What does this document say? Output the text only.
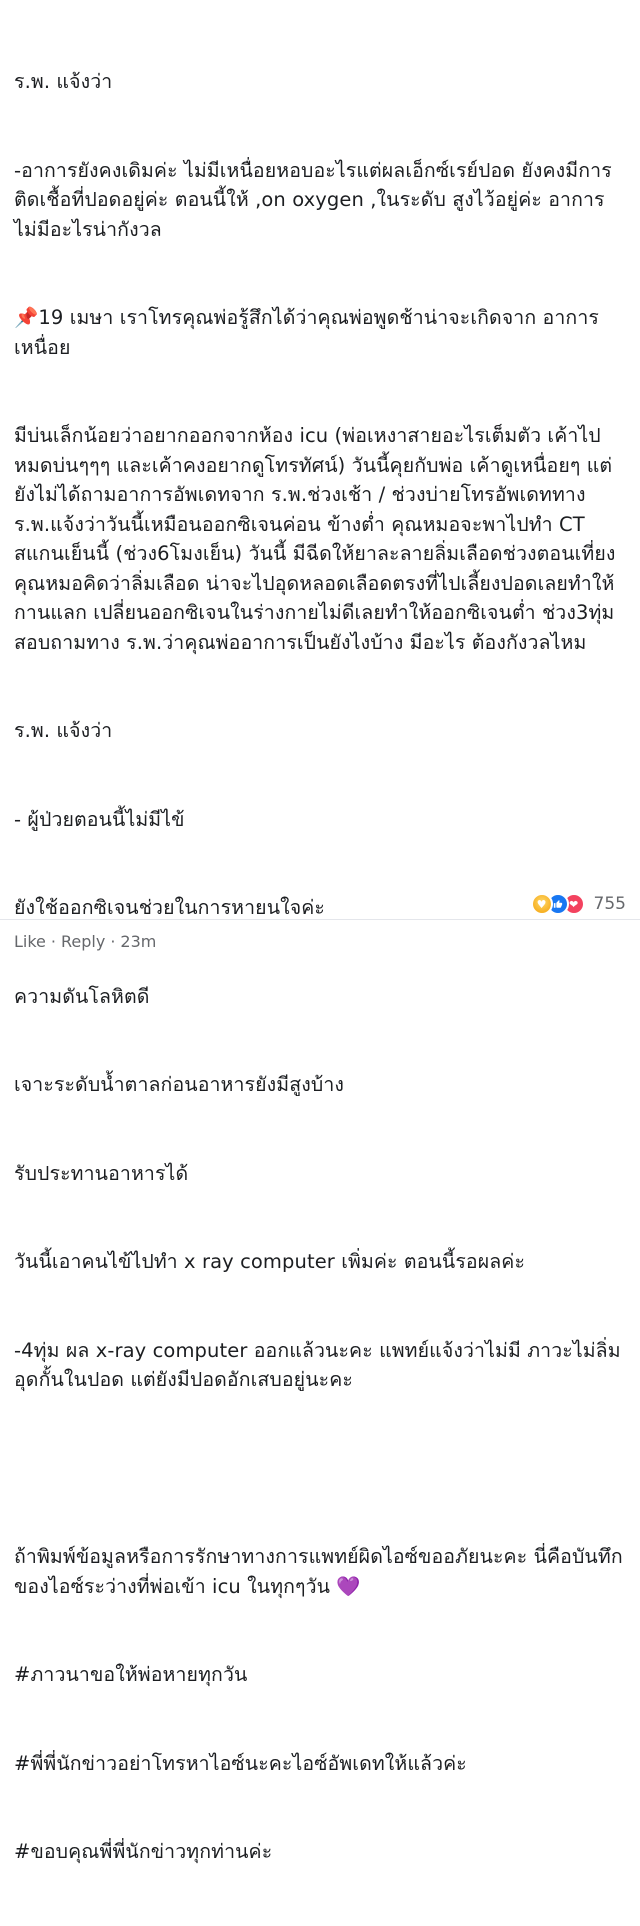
ร.พ. แจ้งว่า

-อาการยังคงเดิมค่ะ ไม่มีเหนื่อยหอบอะไรแต่ผลเอ็กซ์เรย์ปอด ยังคงมีการติดเชื้อที่ปอดอยู่ค่ะ ตอนนี้ให้ ,on oxygen ,ในระดับ สูงไว้อยู่ค่ะ อาการไม่มีอะไรน่ากังวล

📌19 เมษา เราโทรคุณพ่อรู้สึกได้ว่าคุณพ่อพูดช้าน่าจะเกิดจาก อาการเหนื่อย

มีบ่นเล็กน้อยว่าอยากออกจากห้อง icu (พ่อเหงาสายอะไรเต็มตัว เค้าไปหมดบ่นๆๆๆ และเค้าคงอยากดูโทรทัศน์) วันนี้คุยกับพ่อ เค้าดูเหนื่อยๆ แต่ยังไม่ได้ถามอาการอัพเดทจาก ร.พ.ช่วงเช้า / ช่วงบ่ายโทรอัพเดททาง ร.พ.แจ้งว่าวันนี้เหมือนออกซิเจนค่อน ข้างต่ำ คุณหมอจะพาไปทำ CT สแกนเย็นนี้ (ช่วง6โมงเย็น) วันนี้ มีฉีดให้ยาละลายลิ่มเลือดช่วงตอนเที่ยง คุณหมอคิดว่าลิ่มเลือด น่าจะไปอุดหลอดเลือดตรงที่ไปเลี้ยงปอดเลยทำให้กานแลก เปลี่ยนออกซิเจนในร่างกายไม่ดีเลยทำให้ออกซิเจนต่ำ ช่วง3ทุ่มสอบถามทาง ร.พ.ว่าคุณพ่ออาการเป็นยังไงบ้าง มีอะไร ต้องกังวลไหม

ร.พ. แจ้งว่า

- ผู้ป่วยตอนนี้ไม่มีไข้

ยังใช้ออกซิเจนช่วยในการหายนใจค่ะ

ความดันโลหิตดี

เจาะระดับน้ำตาลก่อนอาหารยังมีสูงบ้าง

รับประทานอาหารได้

วันนี้เอาคนไข้ไปทำ x ray computer เพิ่มค่ะ ตอนนี้รอผลค่ะ

-4ทุ่ม ผล x-ray computer ออกแล้วนะคะ แพทย์แจ้งว่าไม่มี ภาวะไม่ลิ่มอุดกั้นในปอด แต่ยังมีปอดอักเสบอยู่นะคะ

ถ้าพิมพ์ข้อมูลหรือการรักษาทางการแพทย์ผิดไอซ์ขออภัยนะคะ นี่คือบันทึกของไอซ์ระว่างที่พ่อเข้า icu ในทุกๆวัน 💜

#ภาวนาขอให้พ่อหายทุกวัน

#พี่พี่นักข่าวอย่าโทรหาไอซ์นะคะไอซ์อัพเดทให้แล้วค่ะ

#ขอบคุณพี่พี่นักข่าวทุกท่านค่ะ

♥ ❤ 755
Like · Reply · 23m
